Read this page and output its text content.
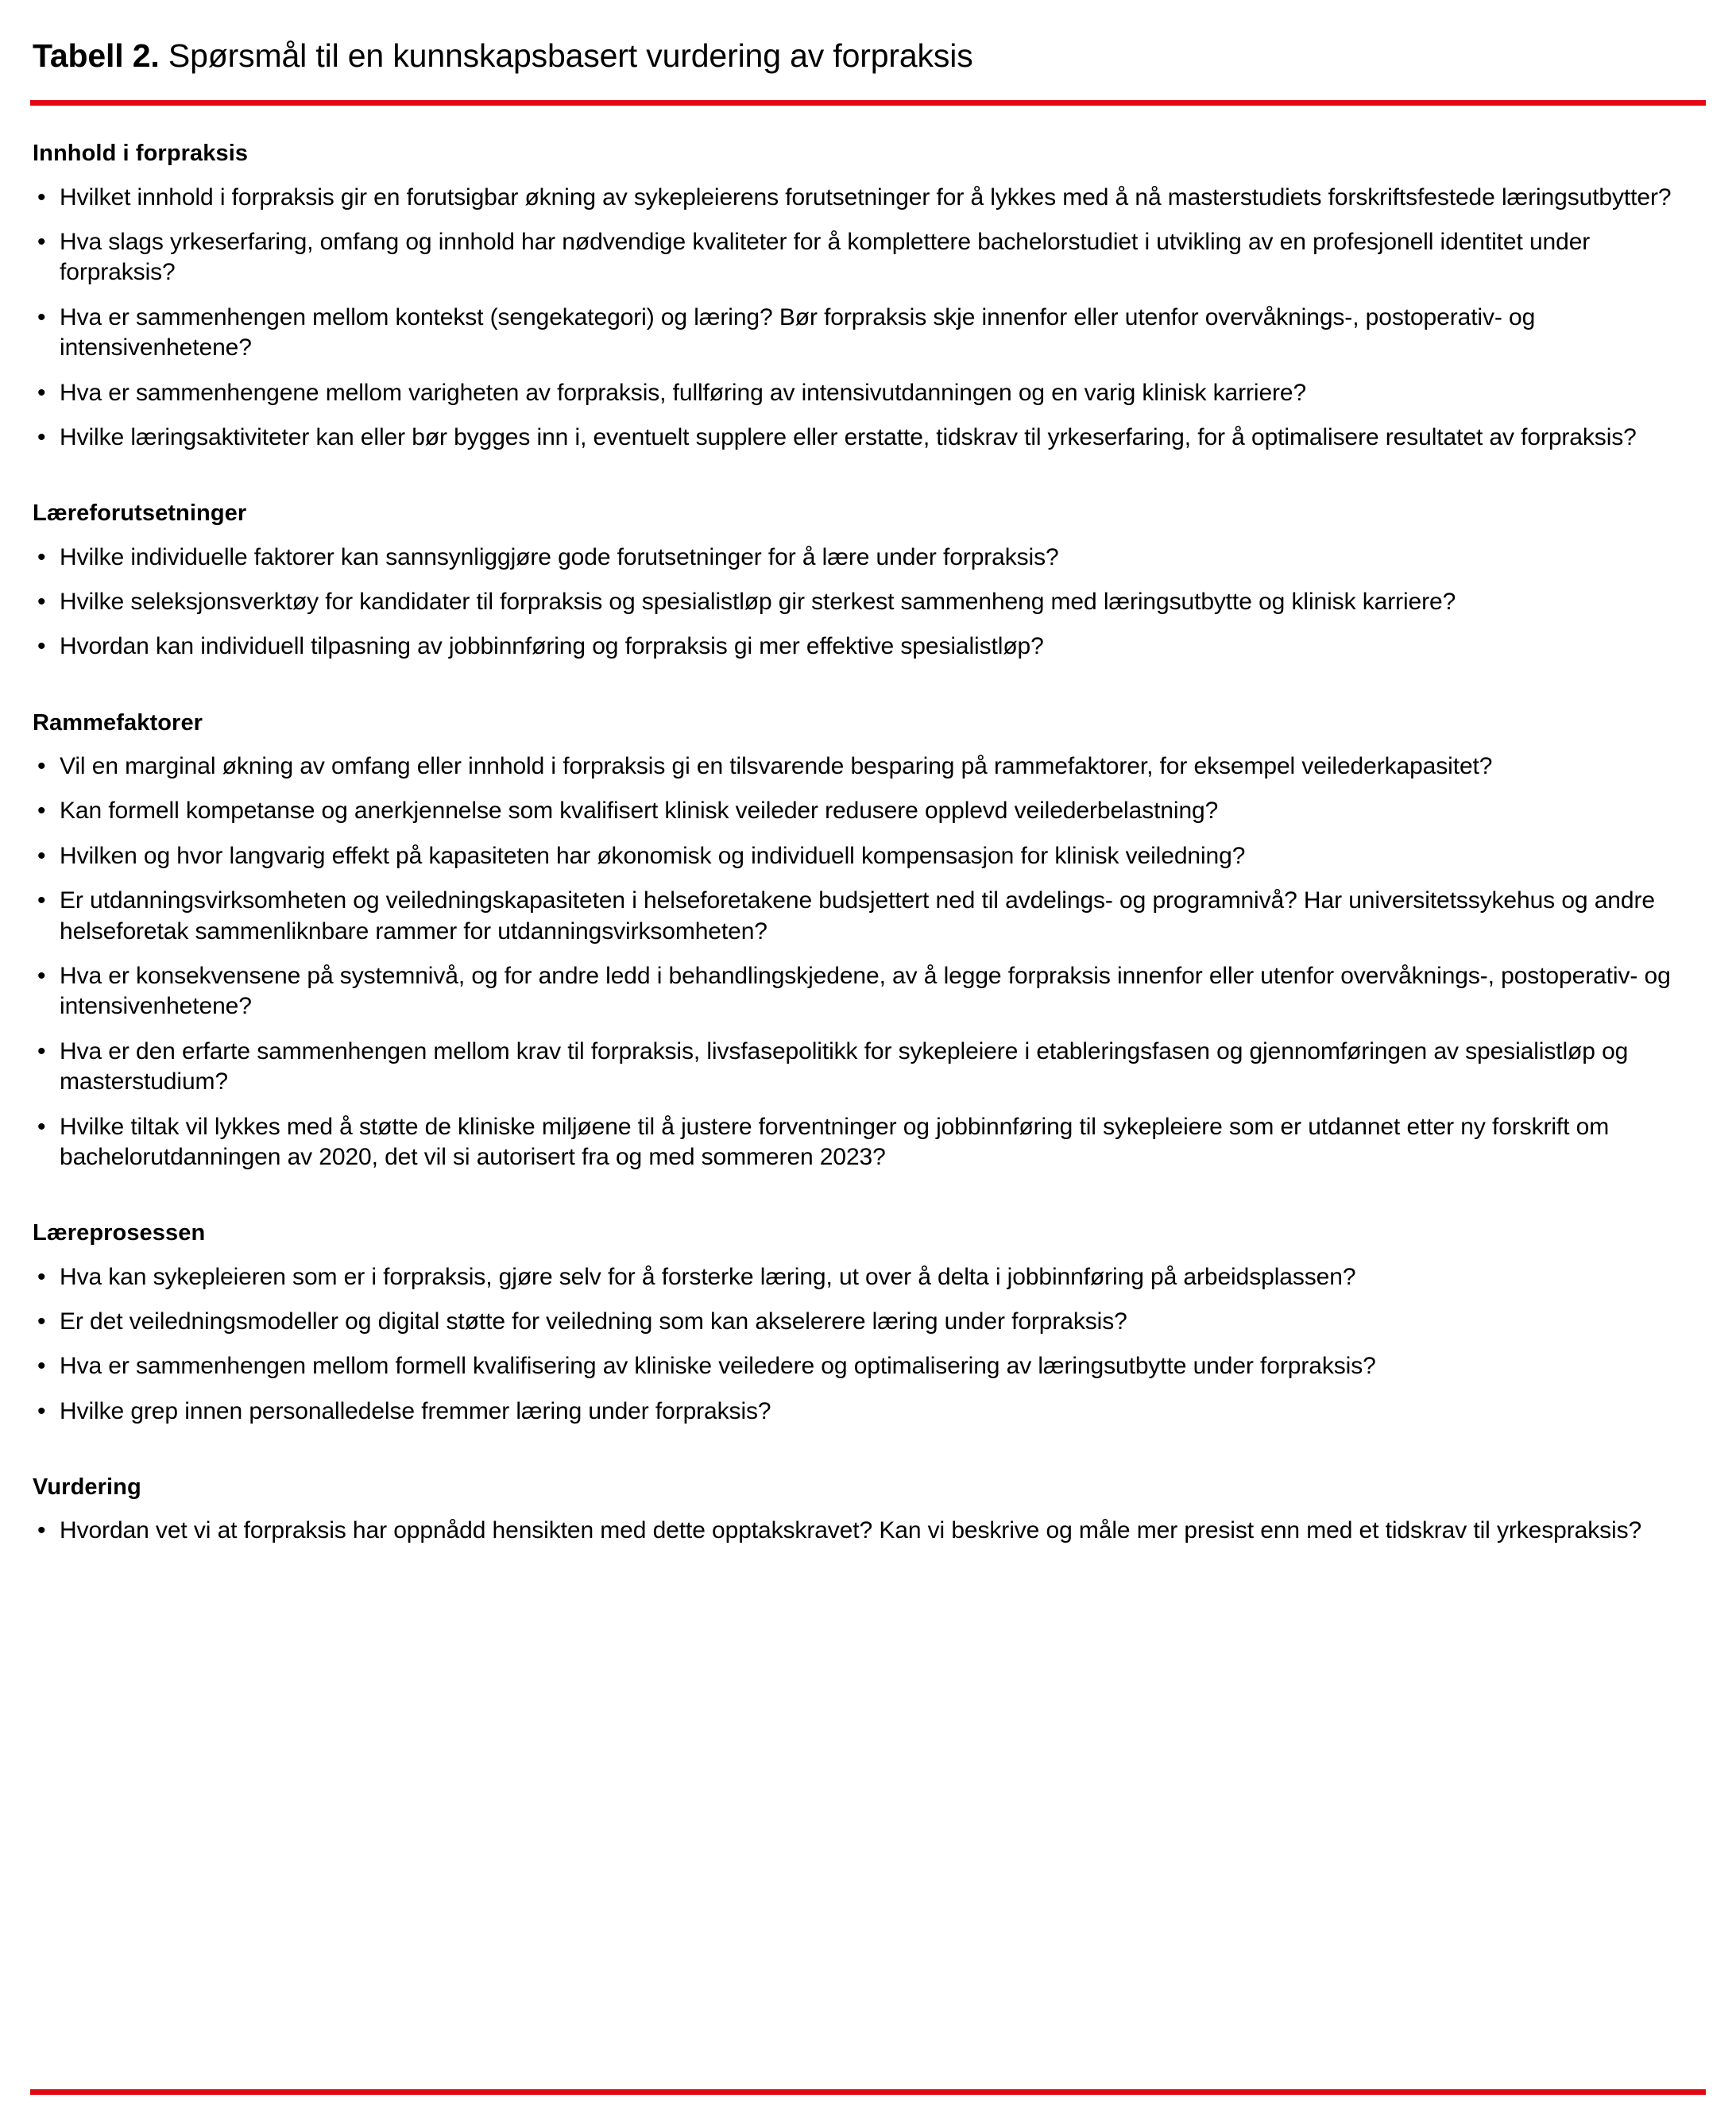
Tabell 2. Spørsmål til en kunnskapsbasert vurdering av forpraksis
Innhold i forpraksis
• Hvilket innhold i forpraksis gir en forutsigbar økning av sykepleierens forutsetninger for å lykkes med å nå masterstudiets forskriftsfestede læringsutbytter?
• Hva slags yrkeserfaring, omfang og innhold har nødvendige kvaliteter for å komplettere bachelorstudiet i utvikling av en profesjonell identitet under forpraksis?
• Hva er sammenhengen mellom kontekst (sengekategori) og læring? Bør forpraksis skje innenfor eller utenfor overvåknings-, postoperativ- og intensivenhetene?
• Hva er sammenhengene mellom varigheten av forpraksis, fullføring av intensivutdanningen og en varig klinisk karriere?
• Hvilke læringsaktiviteter kan eller bør bygges inn i, eventuelt supplere eller erstatte, tidskrav til yrkeserfaring, for å optimalisere resultatet av forpraksis?
Læreforutsetninger
• Hvilke individuelle faktorer kan sannsynliggjøre gode forutsetninger for å lære under forpraksis?
• Hvilke seleksjonsverktøy for kandidater til forpraksis og spesialistløp gir sterkest sammenheng med læringsutbytte og klinisk karriere?
• Hvordan kan individuell tilpasning av jobbinnføring og forpraksis gi mer effektive spesialistløp?
Rammefaktorer
• Vil en marginal økning av omfang eller innhold i forpraksis gi en tilsvarende besparing på rammefaktorer, for eksempel veilederkapasitet?
• Kan formell kompetanse og anerkjennelse som kvalifisert klinisk veileder redusere opplevd veilederbelastning?
• Hvilken og hvor langvarig effekt på kapasiteten har økonomisk og individuell kompensasjon for klinisk veiledning?
• Er utdanningsvirksomheten og veiledningskapasiteten i helseforetakene budsjettert ned til avdelings- og programnivå? Har universitetssykehus og andre helseforetak sammenliknbare rammer for utdanningsvirksomheten?
• Hva er konsekvensene på systemnivå, og for andre ledd i behandlingskjedene, av å legge forpraksis innenfor eller utenfor overvåknings-, postoperativ- og intensivenhetene?
• Hva er den erfarte sammenhengen mellom krav til forpraksis, livsfasepolitikk for sykepleiere i etableringsfasen og gjennomføringen av spesialistløp og masterstudium?
• Hvilke tiltak vil lykkes med å støtte de kliniske miljøene til å justere forventninger og jobbinnføring til sykepleiere som er utdannet etter ny forskrift om bachelorutdanningen av 2020, det vil si autorisert fra og med sommeren 2023?
Læreprosessen
• Hva kan sykepleieren som er i forpraksis, gjøre selv for å forsterke læring, ut over å delta i jobbinnføring på arbeidsplassen?
• Er det veiledningsmodeller og digital støtte for veiledning som kan akselerere læring under forpraksis?
• Hva er sammenhengen mellom formell kvalifisering av kliniske veiledere og optimalisering av læringsutbytte under forpraksis?
• Hvilke grep innen personalledelse fremmer læring under forpraksis?
Vurdering
• Hvordan vet vi at forpraksis har oppnådd hensikten med dette opptakskravet? Kan vi beskrive og måle mer presist enn med et tidskrav til yrkespraksis?
